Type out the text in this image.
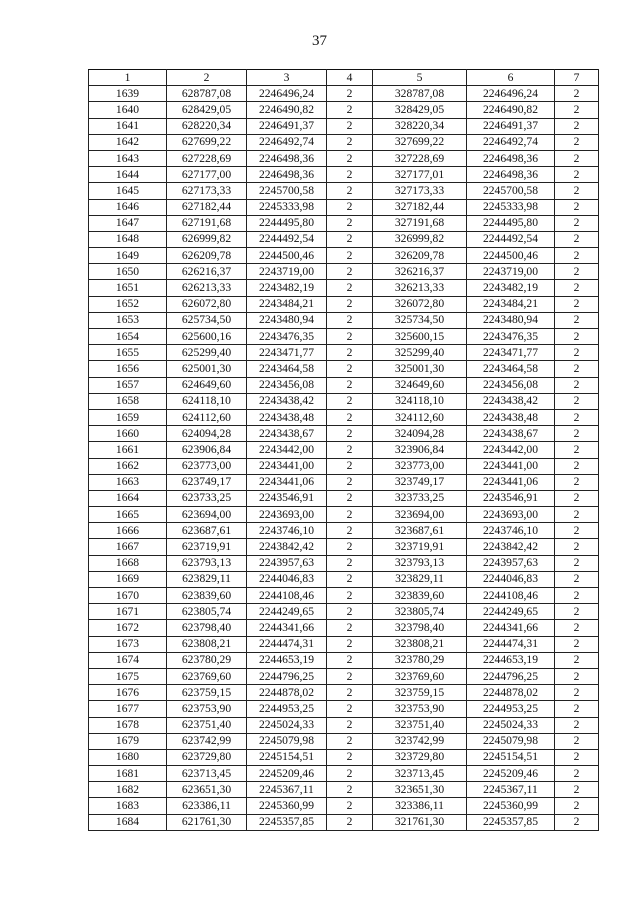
37
1	2	3	4	5	6	7
1639	628787,08	2246496,24	2	328787,08	2246496,24	2
1640	628429,05	2246490,82	2	328429,05	2246490,82	2
1641	628220,34	2246491,37	2	328220,34	2246491,37	2
1642	627699,22	2246492,74	2	327699,22	2246492,74	2
1643	627228,69	2246498,36	2	327228,69	2246498,36	2
1644	627177,00	2246498,36	2	327177,01	2246498,36	2
1645	627173,33	2245700,58	2	327173,33	2245700,58	2
1646	627182,44	2245333,98	2	327182,44	2245333,98	2
1647	627191,68	2244495,80	2	327191,68	2244495,80	2
1648	626999,82	2244492,54	2	326999,82	2244492,54	2
1649	626209,78	2244500,46	2	326209,78	2244500,46	2
1650	626216,37	2243719,00	2	326216,37	2243719,00	2
1651	626213,33	2243482,19	2	326213,33	2243482,19	2
1652	626072,80	2243484,21	2	326072,80	2243484,21	2
1653	625734,50	2243480,94	2	325734,50	2243480,94	2
1654	625600,16	2243476,35	2	325600,15	2243476,35	2
1655	625299,40	2243471,77	2	325299,40	2243471,77	2
1656	625001,30	2243464,58	2	325001,30	2243464,58	2
1657	624649,60	2243456,08	2	324649,60	2243456,08	2
1658	624118,10	2243438,42	2	324118,10	2243438,42	2
1659	624112,60	2243438,48	2	324112,60	2243438,48	2
1660	624094,28	2243438,67	2	324094,28	2243438,67	2
1661	623906,84	2243442,00	2	323906,84	2243442,00	2
1662	623773,00	2243441,00	2	323773,00	2243441,00	2
1663	623749,17	2243441,06	2	323749,17	2243441,06	2
1664	623733,25	2243546,91	2	323733,25	2243546,91	2
1665	623694,00	2243693,00	2	323694,00	2243693,00	2
1666	623687,61	2243746,10	2	323687,61	2243746,10	2
1667	623719,91	2243842,42	2	323719,91	2243842,42	2
1668	623793,13	2243957,63	2	323793,13	2243957,63	2
1669	623829,11	2244046,83	2	323829,11	2244046,83	2
1670	623839,60	2244108,46	2	323839,60	2244108,46	2
1671	623805,74	2244249,65	2	323805,74	2244249,65	2
1672	623798,40	2244341,66	2	323798,40	2244341,66	2
1673	623808,21	2244474,31	2	323808,21	2244474,31	2
1674	623780,29	2244653,19	2	323780,29	2244653,19	2
1675	623769,60	2244796,25	2	323769,60	2244796,25	2
1676	623759,15	2244878,02	2	323759,15	2244878,02	2
1677	623753,90	2244953,25	2	323753,90	2244953,25	2
1678	623751,40	2245024,33	2	323751,40	2245024,33	2
1679	623742,99	2245079,98	2	323742,99	2245079,98	2
1680	623729,80	2245154,51	2	323729,80	2245154,51	2
1681	623713,45	2245209,46	2	323713,45	2245209,46	2
1682	623651,30	2245367,11	2	323651,30	2245367,11	2
1683	623386,11	2245360,99	2	323386,11	2245360,99	2
1684	621761,30	2245357,85	2	321761,30	2245357,85	2
